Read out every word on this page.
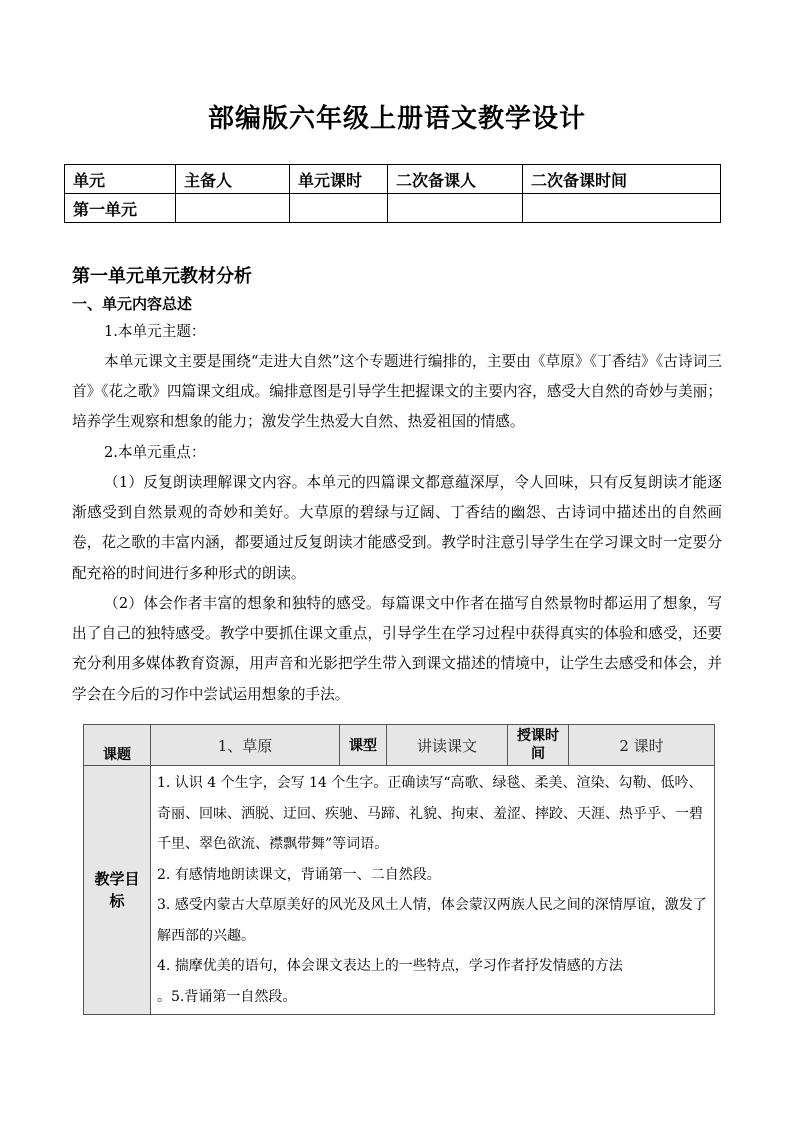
部编版六年级上册语文教学设计
单元	主备人	单元课时	二次备课人	二次备课时间
第一单元				
第一单元单元教材分析
一、单元内容总述

1.本单元主题：

本单元课文主要是围绕“走进大自然”这个专题进行编排的，主要由《草原》《丁香结》《古诗词三首》《花之歌》四篇课文组成。编排意图是引导学生把握课文的主要内容，感受大自然的奇妙与美丽；培养学生观察和想象的能力；激发学生热爱大自然、热爱祖国的情感。

2.本单元重点：

（1）反复朗读理解课文内容。本单元的四篇课文都意蕴深厚，令人回味，只有反复朗读才能逐渐感受到自然景观的奇妙和美好。大草原的碧绿与辽阔、丁香结的幽怨、古诗词中描述出的自然画卷，花之歌的丰富内涵，都要通过反复朗读才能感受到。教学时注意引导学生在学习课文时一定要分配充裕的时间进行多种形式的朗读。

（2）体会作者丰富的想象和独特的感受。每篇课文中作者在描写自然景物时都运用了想象，写出了自己的独特感受。教学中要抓住课文重点，引导学生在学习过程中获得真实的体验和感受，还要充分利用多媒体教育资源，用声音和光影把学生带入到课文描述的情境中，让学生去感受和体会，并学会在今后的习作中尝试运用想象的手法。

课题	1、草原	课型	讲读课文	授课时间	2 课时
教学目标	1. 认识 4 个生字，会写 14 个生字。正确读写“高歌、绿毯、柔美、渲染、勾勒、低吟、奇丽、回味、洒脱、迂回、疾驰、马蹄、礼貌、拘束、羞涩、摔跤、天涯、热乎乎、一碧千里、翠色欲流、襟飘带舞”等词语。

2. 有感情地朗读课文，背诵第一、二自然段。

3. 感受内蒙古大草原美好的风光及风土人情，体会蒙汉两族人民之间的深情厚谊，激发了解西部的兴趣。

4. 揣摩优美的语句，体会课文表达上的一些特点，学习作者抒发情感的方法

。5.背诵第一自然段。				
